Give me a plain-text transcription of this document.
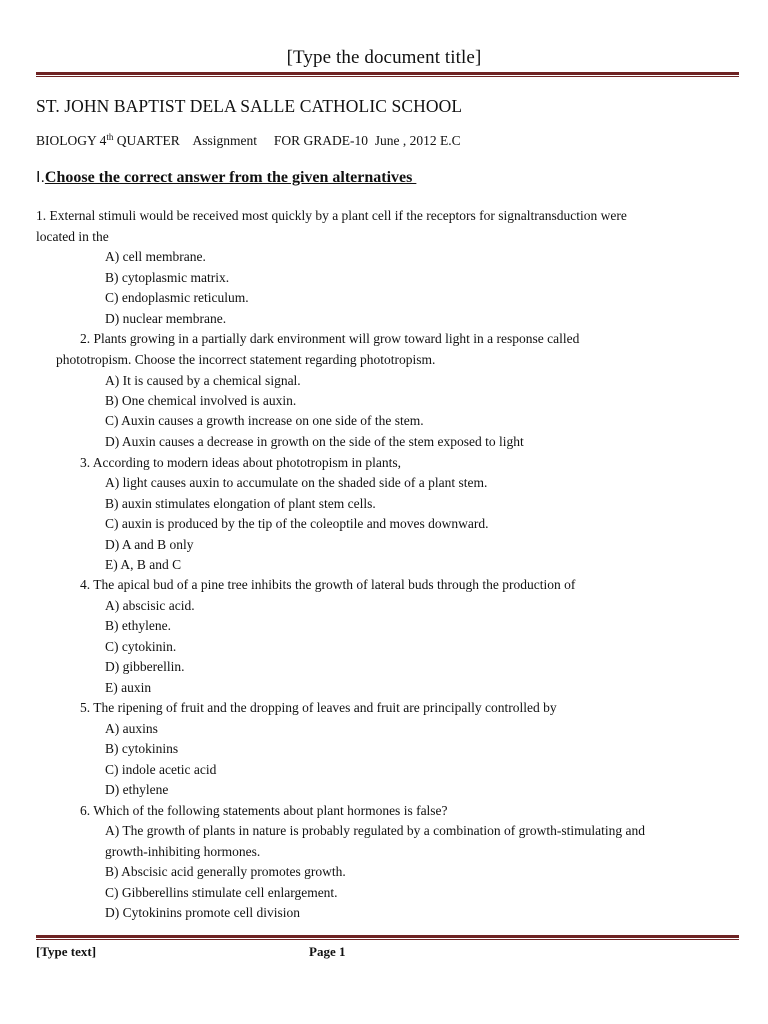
[Type the document title]
ST. JOHN BAPTIST DELA SALLE CATHOLIC SCHOOL
BIOLOGY 4th QUARTER    Assignment     FOR GRADE-10  June , 2012 E.C
I.Choose the correct answer from the given alternatives
1. External stimuli would be received most quickly by a plant cell if the receptors for signaltransduction were
located in the
A) cell membrane.
B) cytoplasmic matrix.
C) endoplasmic reticulum.
D) nuclear membrane.
2. Plants growing in a partially dark environment will grow toward light in a response called
phototropism. Choose the incorrect statement regarding phototropism.
A) It is caused by a chemical signal.
B) One chemical involved is auxin.
C) Auxin causes a growth increase on one side of the stem.
D) Auxin causes a decrease in growth on the side of the stem exposed to light
3. According to modern ideas about phototropism in plants,
A) light causes auxin to accumulate on the shaded side of a plant stem.
B) auxin stimulates elongation of plant stem cells.
C) auxin is produced by the tip of the coleoptile and moves downward.
D) A and B only
E) A, B and C
4. The apical bud of a pine tree inhibits the growth of lateral buds through the production of
A) abscisic acid.
B) ethylene.
C) cytokinin.
D) gibberellin.
E) auxin
5. The ripening of fruit and the dropping of leaves and fruit are principally controlled by
A) auxins
B) cytokinins
C) indole acetic acid
D) ethylene
6. Which of the following statements about plant hormones is false?
A) The growth of plants in nature is probably regulated by a combination of growth-stimulating and
growth-inhibiting hormones.
B) Abscisic acid generally promotes growth.
C) Gibberellins stimulate cell enlargement.
D) Cytokinins promote cell division
[Type text]	Page 1
